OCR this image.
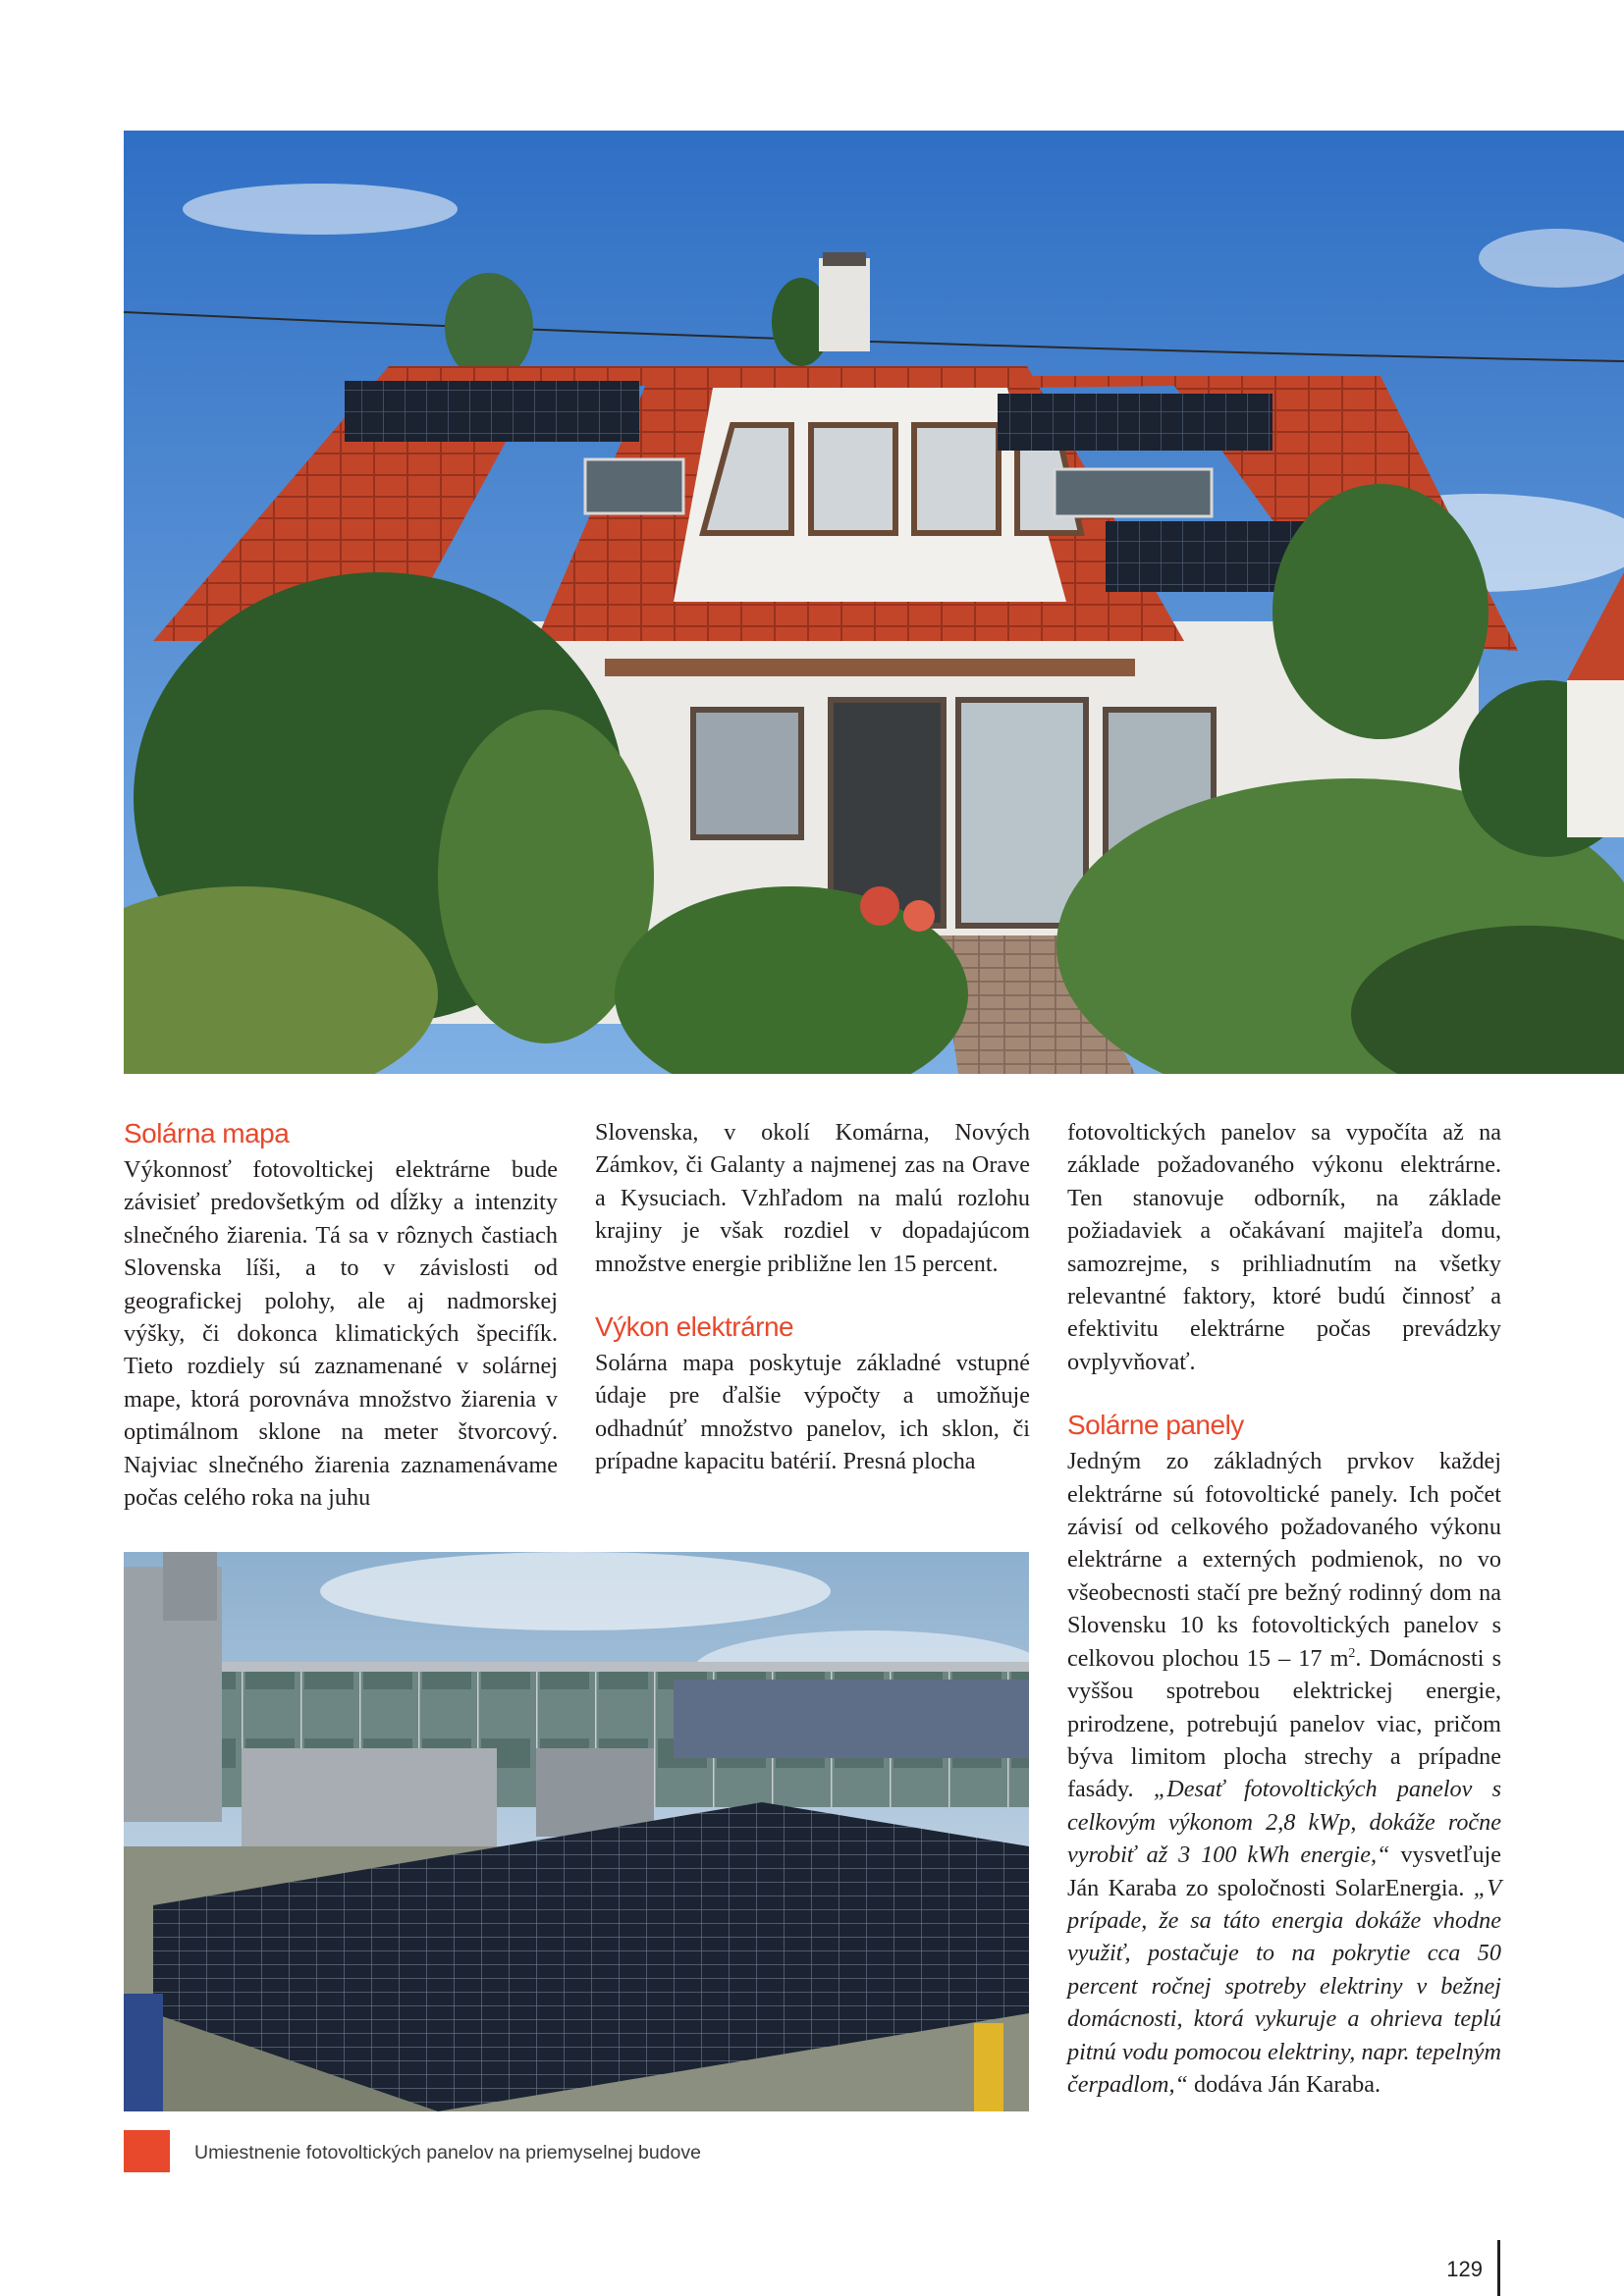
Solárna mapa

Výkonnosť fotovoltickej elektrárne bude závisieť predovšetkým od dĺžky a intenzity slnečného žiarenia. Tá sa v rôznych častiach Slovenska líši, a to v závislosti od geografickej polohy, ale aj nadmorskej výšky, či dokonca klimatických špecifík. Tieto rozdiely sú zaznamenané v solárnej mape, ktorá porovnáva množstvo žiarenia v optimálnom sklone na meter štvorcový. Najviac slnečného žiarenia zaznamenávame počas celého roka na juhu

Slovenska, v okolí Komárna, Nových Zámkov, či Galanty a najmenej zas na Orave a Kysuciach. Vzhľadom na malú rozlohu krajiny je však rozdiel v dopadajúcom množstve energie približne len 15 percent.

Výkon elektrárne

Solárna mapa poskytuje základné vstupné údaje pre ďalšie výpočty a umožňuje odhadnúť množstvo panelov, ich sklon, či prípadne kapacitu batérií. Presná plocha

fotovoltických panelov sa vypočíta až na základe požadovaného výkonu elektrárne. Ten stanovuje odborník, na základe požiadaviek a očakávaní majiteľa domu, samozrejme, s prihliadnutím na všetky relevantné faktory, ktoré budú činnosť a efektivitu elektrárne počas prevádzky ovplyvňovať.

Solárne panely

Jedným zo základných prvkov každej elektrárne sú fotovoltické panely. Ich počet závisí od celkového požadovaného výkonu elektrárne a externých podmienok, no vo všeobecnosti stačí pre bežný rodinný dom na Slovensku 10 ks fotovoltických panelov s celkovou plochou 15 – 17 $m^2$. Domácnosti s vyššou spotrebou elektrickej energie, prirodzene, potrebujú panelov viac, pričom býva limitom plocha strechy a prípadne fasády. „Desať fotovoltických panelov s celkovým výkonom 2,8 kWp, dokáže ročne vyrobiť až 3 100 kWh energie,“ vysvetľuje Ján Karaba zo spoločnosti SolarEnergia. „V prípade, že sa táto energia dokáže vhodne využiť, postačuje to na pokrytie cca 50 percent ročnej spotreby elektriny v bežnej domácnosti, ktorá vykuruje a ohrieva teplú pitnú vodu pomocou elektriny, napr. tepelným čerpadlom,“ dodáva Ján Karaba.

Umiestnenie fotovoltických panelov na priemyselnej budove
129
